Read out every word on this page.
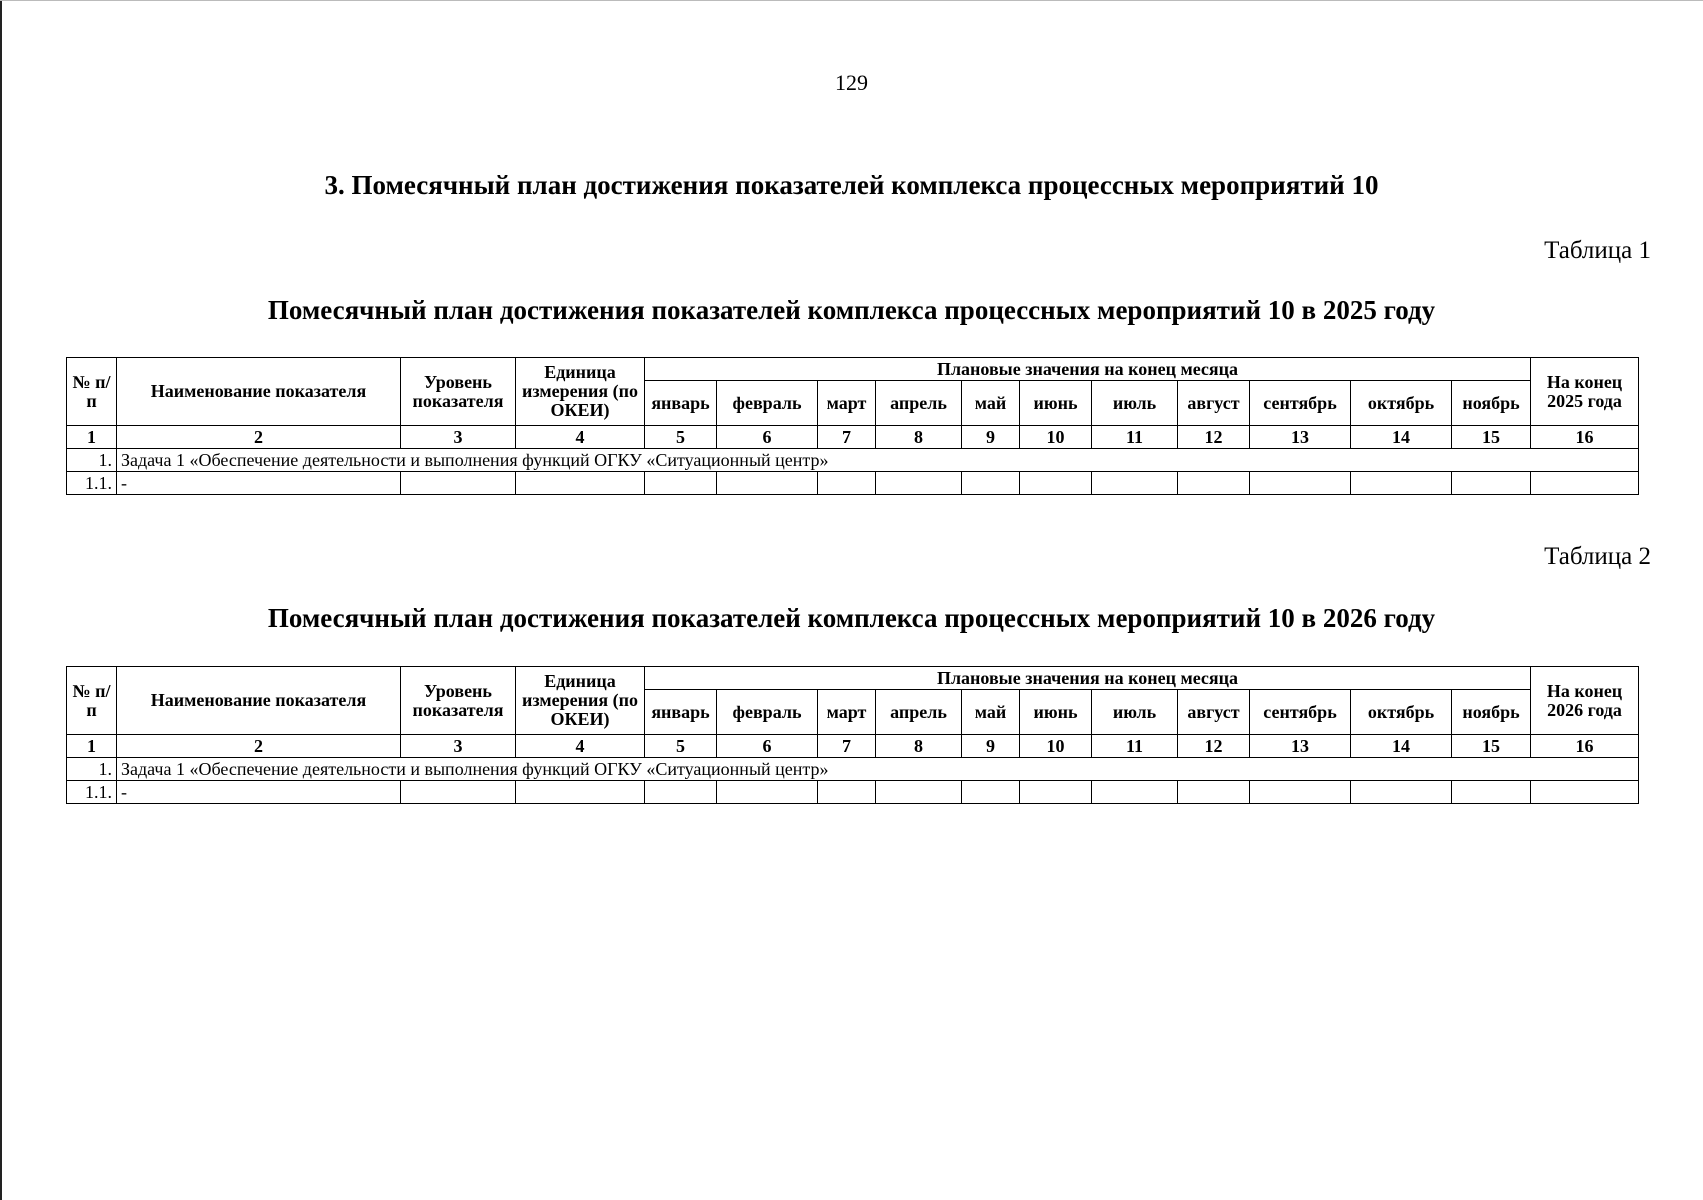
129
3. Помесячный план достижения показателей комплекса процессных мероприятий 10
Таблица 1
Помесячный план достижения показателей комплекса процессных мероприятий 10 в 2025 году
№ п/п	Наименование показателя	Уровень показателя	Единица измерения (по ОКЕИ)	Плановые значения на конец месяца											На конец 2025 года
				январь	февраль	март	апрель	май	июнь	июль	август	сентябрь	октябрь	ноябрь	
1	2	3	4	5	6	7	8	9	10	11	12	13	14	15	16
1.	Задача 1 «Обеспечение деятельности и выполнения функций ОГКУ «Ситуационный центр»														
1.1.	-														
Таблица 2
Помесячный план достижения показателей комплекса процессных мероприятий 10 в 2026 году
№ п/п	Наименование показателя	Уровень показателя	Единица измерения (по ОКЕИ)	Плановые значения на конец месяца											На конец 2026 года
				январь	февраль	март	апрель	май	июнь	июль	август	сентябрь	октябрь	ноябрь	
1	2	3	4	5	6	7	8	9	10	11	12	13	14	15	16
1.	Задача 1 «Обеспечение деятельности и выполнения функций ОГКУ «Ситуационный центр»														
1.1.	-														
